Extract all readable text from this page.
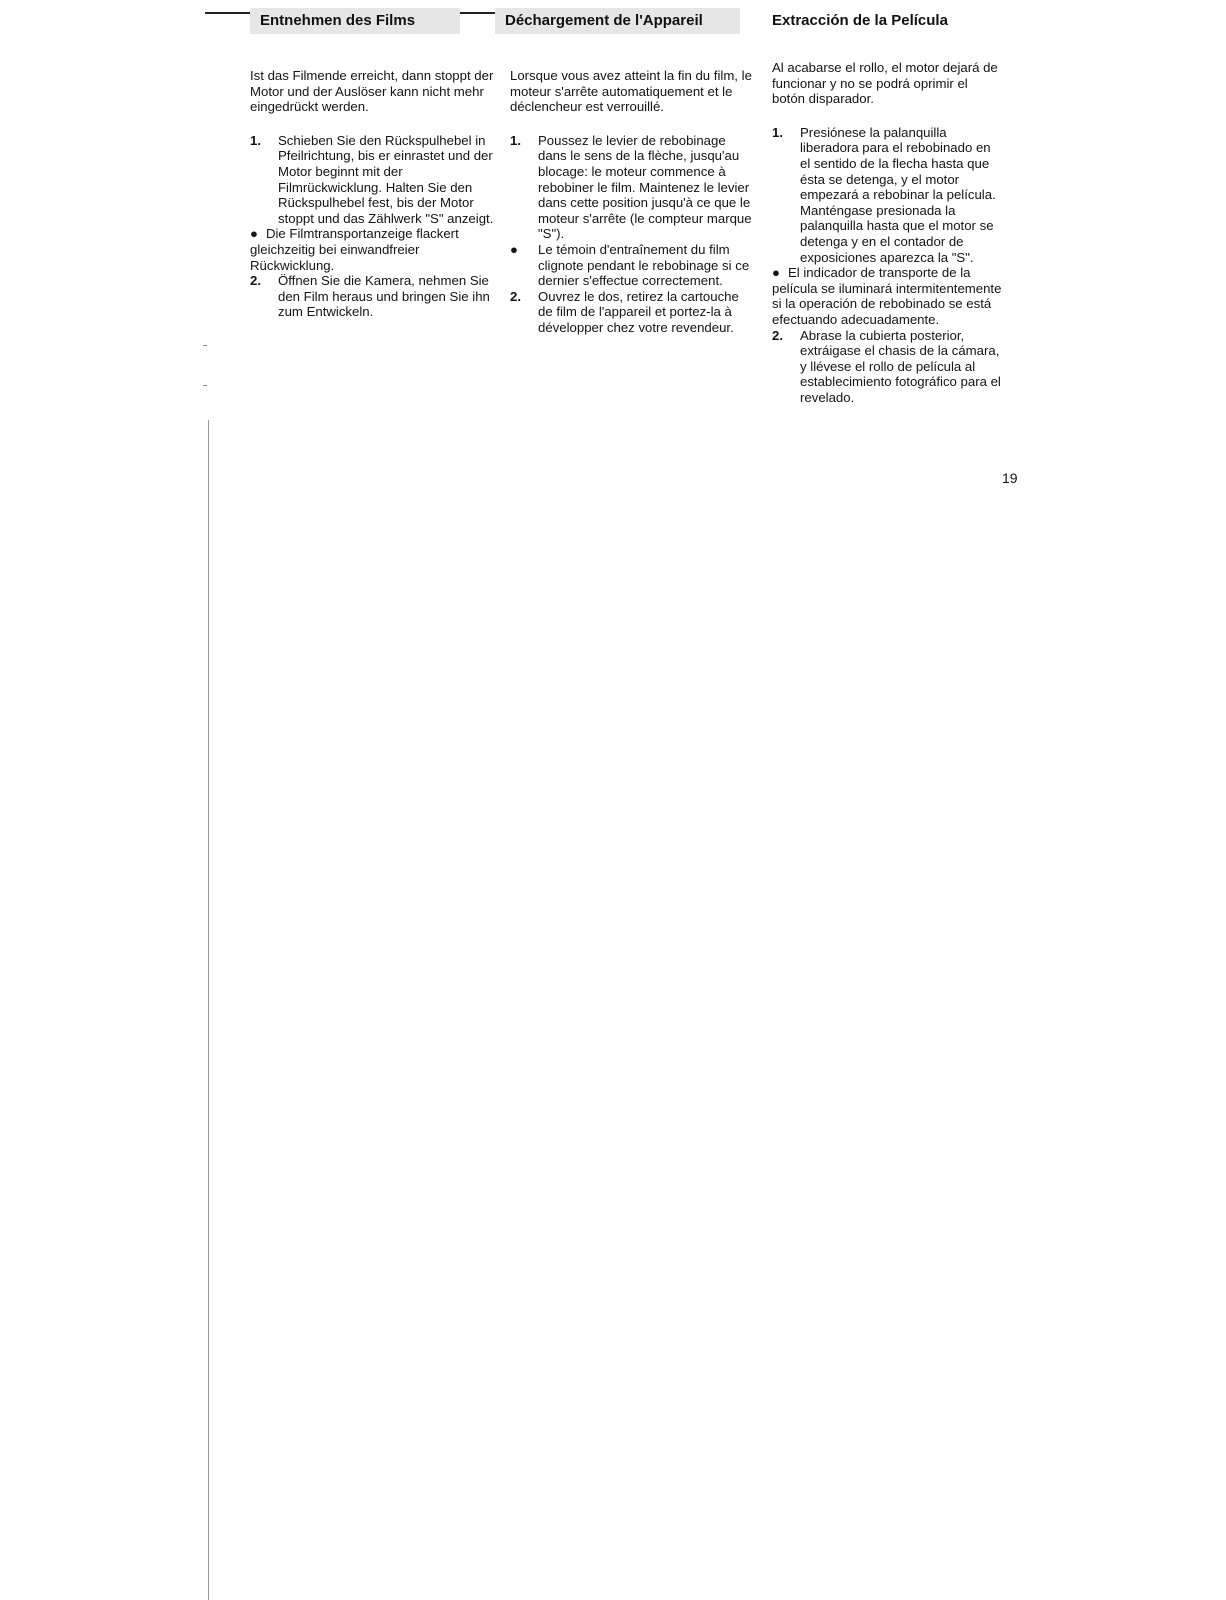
Entnehmen des Films	Déchargement de l'Appareil	Extracción de la Película

Ist das Filmende erreicht, dann stoppt der Motor und der Auslöser kann nicht mehr eingedrückt werden.

1. Schieben Sie den Rückspulhebel in Pfeilrichtung, bis er einrastet und der Motor beginnt mit der Filmrückwicklung. Halten Sie den Rückspulhebel fest, bis der Motor stoppt und das Zählwerk "S" anzeigt.

● Die Filmtransportanzeige flackert gleichzeitig bei einwandfreier Rückwicklung.

2. Öffnen Sie die Kamera, nehmen Sie den Film heraus und bringen Sie ihn zum Entwickeln.

Lorsque vous avez atteint la fin du film, le moteur s'arrête automatiquement et le déclencheur est verrouillé.

1. Poussez le levier de rebobinage dans le sens de la flèche, jusqu'au blocage: le moteur commence à rebobiner le film. Maintenez le levier dans cette position jusqu'à ce que le moteur s'arrête (le compteur marque "S").
● Le témoin d'entraînement du film clignote pendant le rebobinage si ce dernier s'effectue correctement.
2. Ouvrez le dos, retirez la cartouche de film de l'appareil et portez-la à développer chez votre revendeur.

Al acabarse el rollo, el motor dejará de funcionar y no se podrá oprimir el botón disparador.

1. Presiónese la palanquilla liberadora para el rebobinado en el sentido de la flecha hasta que ésta se detenga, y el motor empezará a rebobinar la película. Manténgase presionada la palanquilla hasta que el motor se detenga y en el contador de exposiciones aparezca la "S".

● El indicador de transporte de la película se iluminará intermitentemente si la operación de rebobinado se está efectuando adecuadamente.

2. Abrase la cubierta posterior, extráigase el chasis de la cámara, y llévese el rollo de película al establecimiento fotográfico para el revelado.
19
